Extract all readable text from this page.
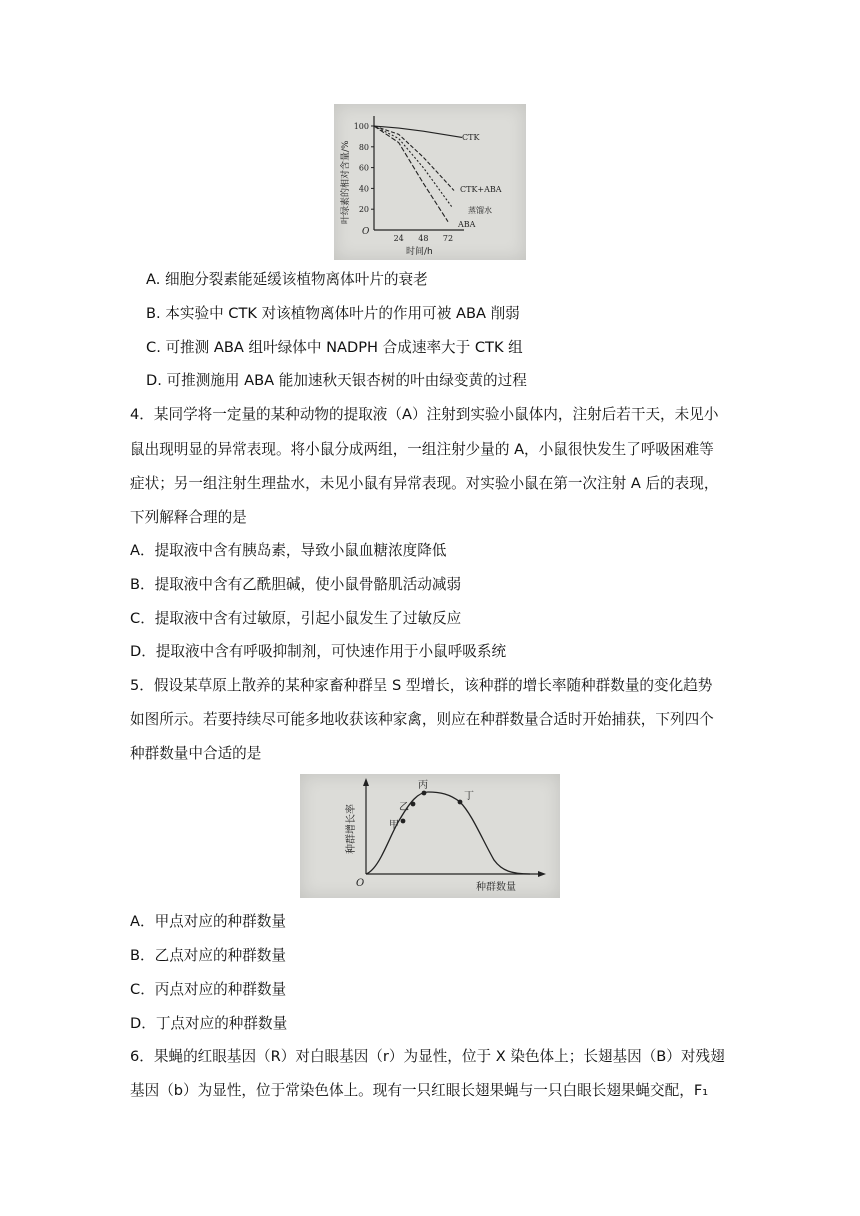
叶绿素的相对含量/%
时间/h
O
100
80
60
40
20
24 48 72
CTK
CTK+ABA
蒸馏水
ABA
A. 细胞分裂素能延缓该植物离体叶片的衰老
B. 本实验中 CTK 对该植物离体叶片的作用可被 ABA 削弱
C. 可推测 ABA 组叶绿体中 NADPH 合成速率大于 CTK 组
D. 可推测施用 ABA 能加速秋天银杏树的叶由绿变黄的过程
4．某同学将一定量的某种动物的提取液（A）注射到实验小鼠体内，注射后若干天，未见小
鼠出现明显的异常表现。将小鼠分成两组，一组注射少量的 A，小鼠很快发生了呼吸困难等
症状；另一组注射生理盐水，未见小鼠有异常表现。对实验小鼠在第一次注射 A 后的表现，
下列解释合理的是
A．提取液中含有胰岛素，导致小鼠血糖浓度降低
B．提取液中含有乙酰胆碱，使小鼠骨骼肌活动减弱
C．提取液中含有过敏原，引起小鼠发生了过敏反应
D．提取液中含有呼吸抑制剂，可快速作用于小鼠呼吸系统
5．假设某草原上散养的某种家畜种群呈 S 型增长，该种群的增长率随种群数量的变化趋势
如图所示。若要持续尽可能多地收获该种家禽，则应在种群数量合适时开始捕获，下列四个
种群数量中合适的是
种群增长率
种群数量
O
甲
乙
丙
丁
A．甲点对应的种群数量
B．乙点对应的种群数量
C．丙点对应的种群数量
D．丁点对应的种群数量
6．果蝇的红眼基因（R）对白眼基因（r）为显性，位于 X 染色体上；长翅基因（B）对残翅
基因（b）为显性，位于常染色体上。现有一只红眼长翅果蝇与一只白眼长翅果蝇交配，F₁
